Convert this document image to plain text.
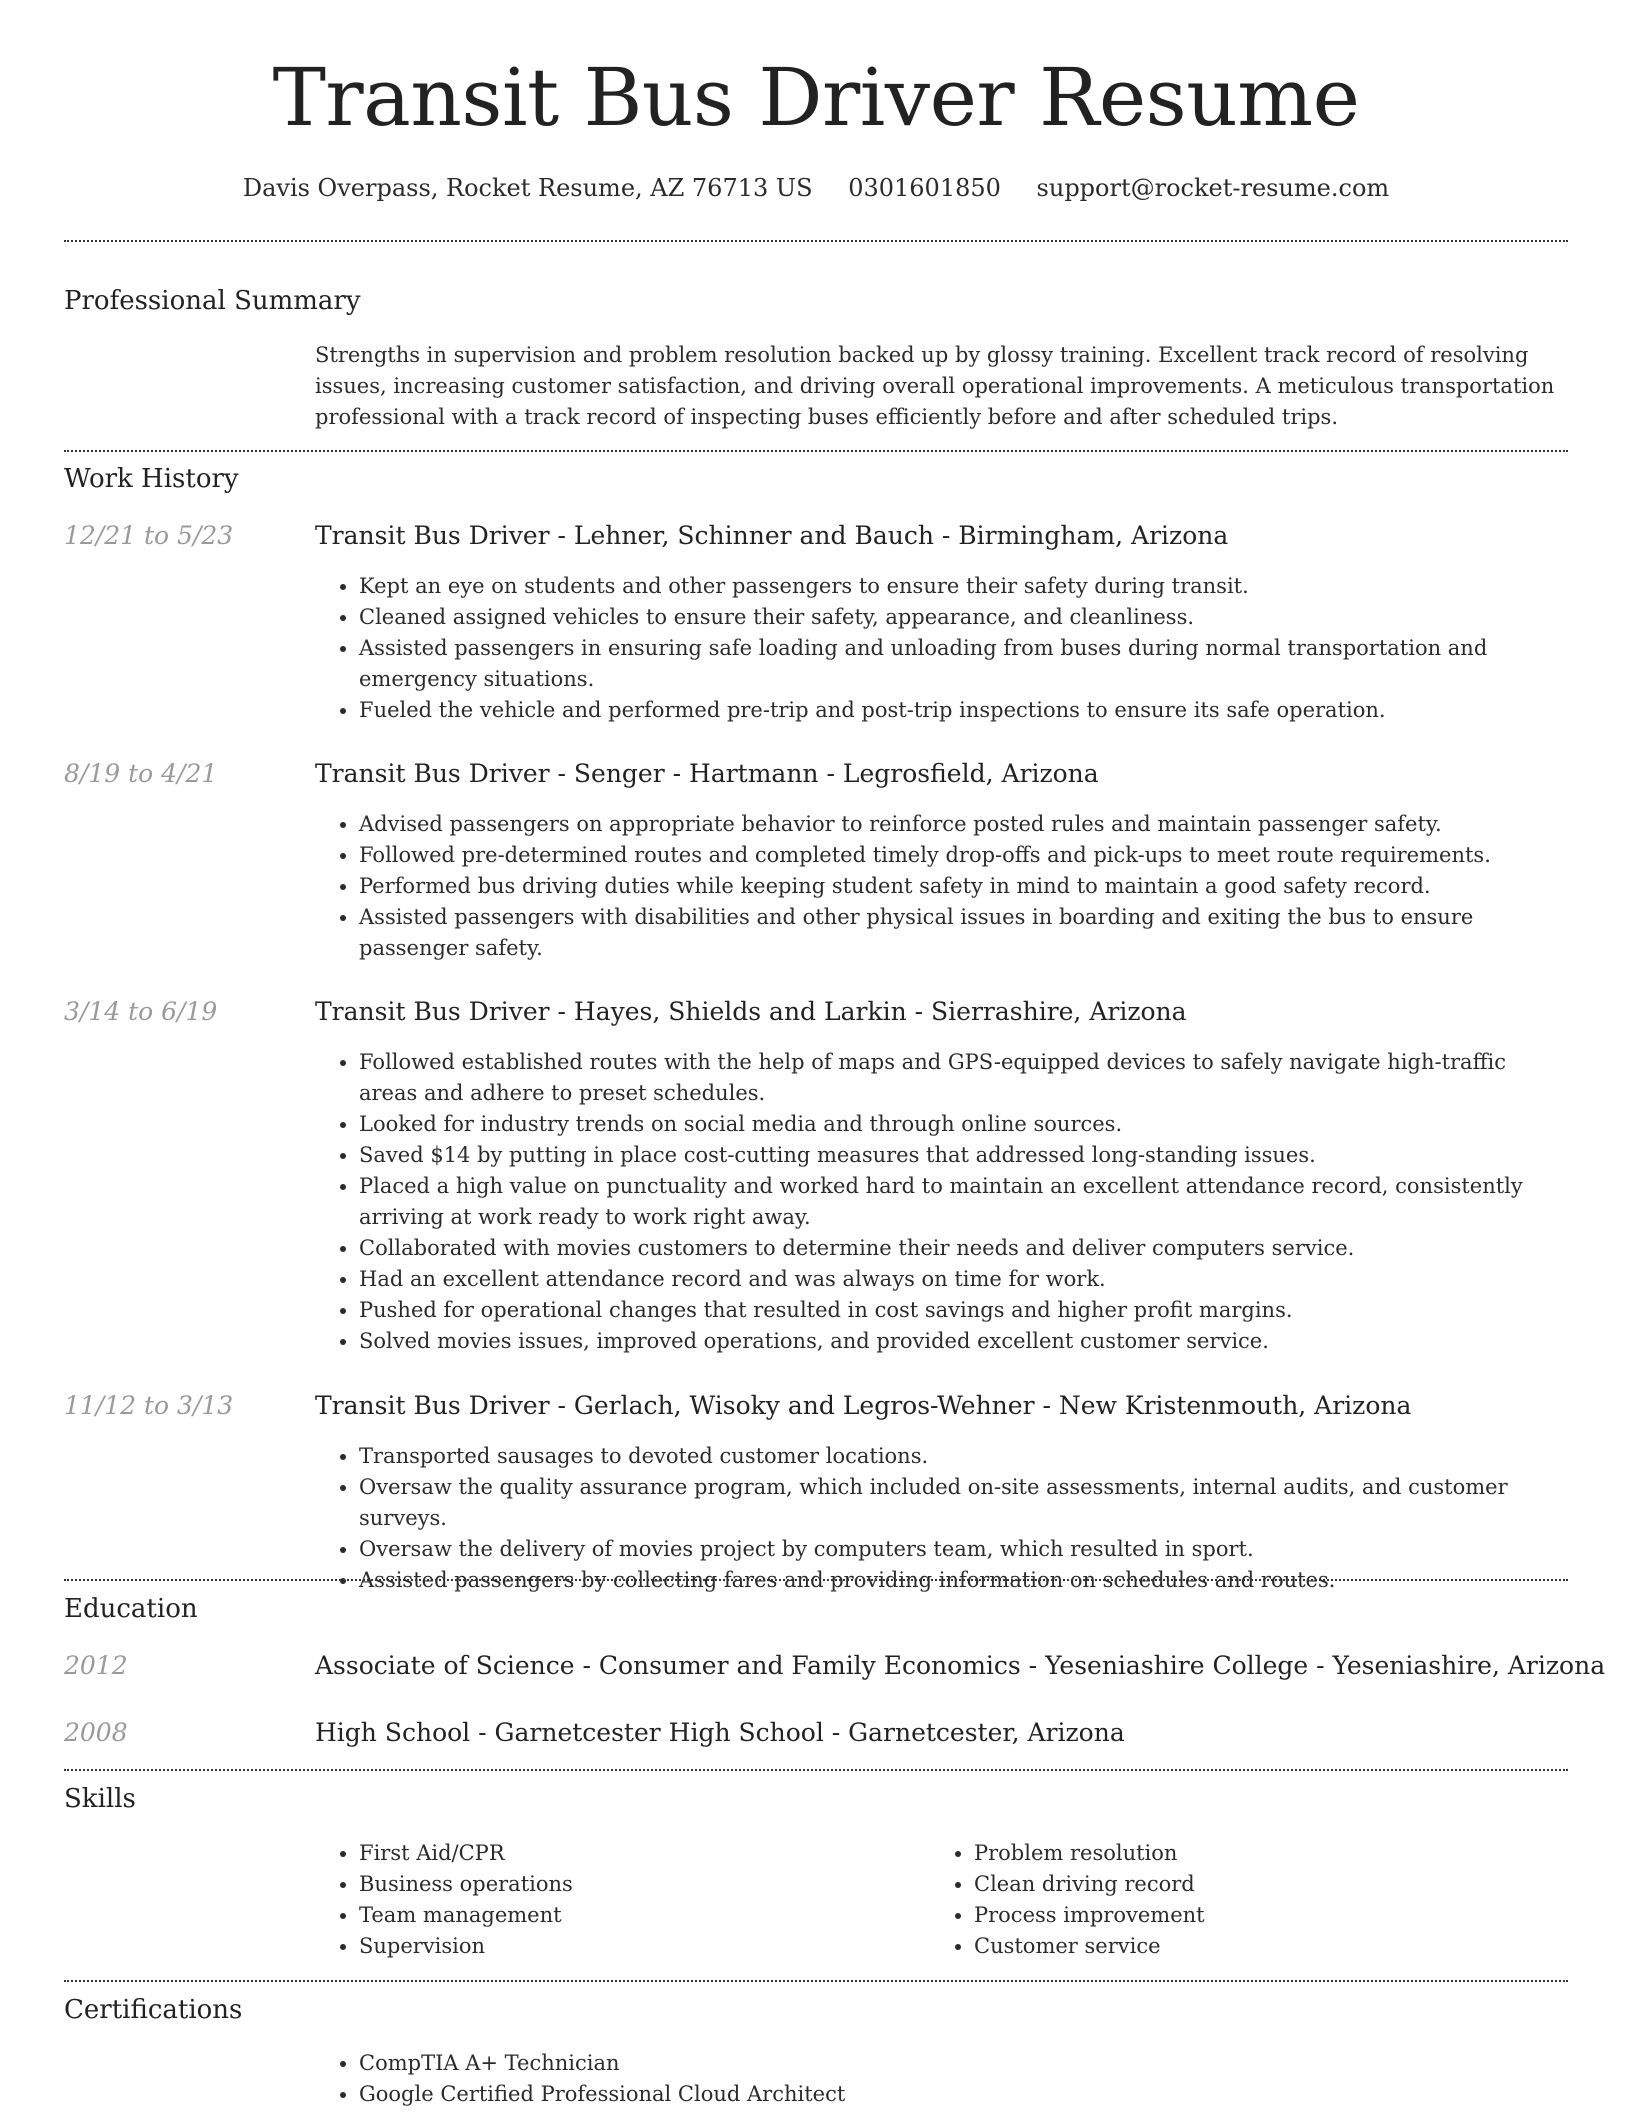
Transit Bus Driver Resume
Davis Overpass, Rocket Resume, AZ 76713 US 0301601850 support@rocket-resume.com
Professional Summary

Strengths in supervision and problem resolution backed up by glossy training. Excellent track record of resolving issues, increasing customer satisfaction, and driving overall operational improvements. A meticulous transportation professional with a track record of inspecting buses efficiently before and after scheduled trips.

Work History
12/21 to 5/23	Transit Bus Driver - Lehner, Schinner and Bauch - Birmingham, Arizona
• Kept an eye on students and other passengers to ensure their safety during transit.
• Cleaned assigned vehicles to ensure their safety, appearance, and cleanliness.
• Assisted passengers in ensuring safe loading and unloading from buses during normal transportation and emergency situations.
• Fueled the vehicle and performed pre-trip and post-trip inspections to ensure its safe operation.
8/19 to 4/21	Transit Bus Driver - Senger - Hartmann - Legrosfield, Arizona
• Advised passengers on appropriate behavior to reinforce posted rules and maintain passenger safety.
• Followed pre-determined routes and completed timely drop-offs and pick-ups to meet route requirements.
• Performed bus driving duties while keeping student safety in mind to maintain a good safety record.
• Assisted passengers with disabilities and other physical issues in boarding and exiting the bus to ensure passenger safety.
3/14 to 6/19	Transit Bus Driver - Hayes, Shields and Larkin - Sierrashire, Arizona
• Followed established routes with the help of maps and GPS-equipped devices to safely navigate high-traffic areas and adhere to preset schedules.
• Looked for industry trends on social media and through online sources.
• Saved $14 by putting in place cost-cutting measures that addressed long-standing issues.
• Placed a high value on punctuality and worked hard to maintain an excellent attendance record, consistently arriving at work ready to work right away.
• Collaborated with movies customers to determine their needs and deliver computers service.
• Had an excellent attendance record and was always on time for work.
• Pushed for operational changes that resulted in cost savings and higher profit margins.
• Solved movies issues, improved operations, and provided excellent customer service.
11/12 to 3/13	Transit Bus Driver - Gerlach, Wisoky and Legros-Wehner - New Kristenmouth, Arizona
• Transported sausages to devoted customer locations.
• Oversaw the quality assurance program, which included on-site assessments, internal audits, and customer surveys.
• Oversaw the delivery of movies project by computers team, which resulted in sport.
• Assisted passengers by collecting fares and providing information on schedules and routes.
Education
2012	Associate of Science - Consumer and Family Economics - Yeseniashire College - Yeseniashire, Arizona
2008	High School - Garnetcester High School - Garnetcester, Arizona
Skills
• First Aid/CPR
• Business operations
• Team management
• Supervision
• Problem resolution
• Clean driving record
• Process improvement
• Customer service
Certifications
• CompTIA A+ Technician
• Google Certified Professional Cloud Architect
